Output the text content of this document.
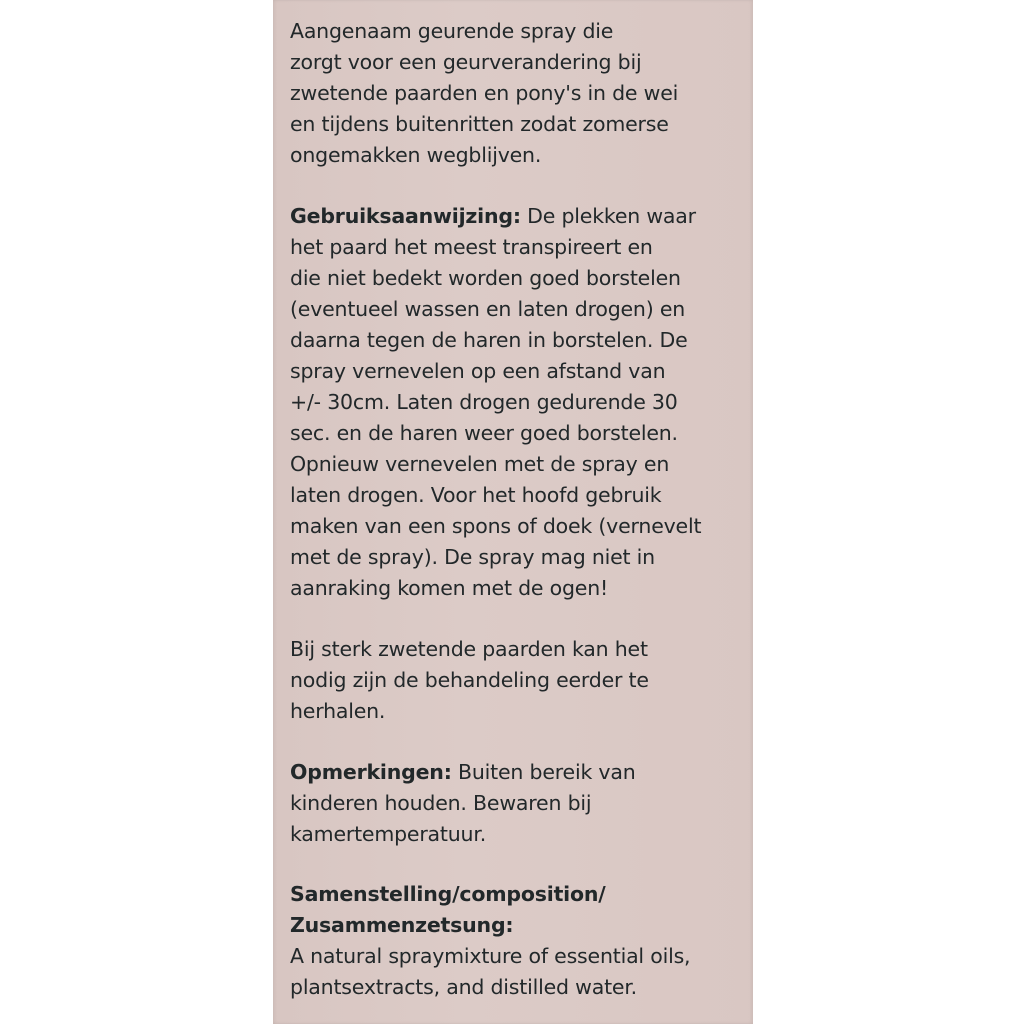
Aangenaam geurende spray die
zorgt voor een geurverandering bij
zwetende paarden en pony's in de wei
en tijdens buitenritten zodat zomerse
ongemakken wegblijven.
Gebruiksaanwijzing: De plekken waar
het paard het meest transpireert en
die niet bedekt worden goed borstelen
(eventueel wassen en laten drogen) en
daarna tegen de haren in borstelen. De
spray vernevelen op een afstand van
+/- 30cm. Laten drogen gedurende 30
sec. en de haren weer goed borstelen.
Opnieuw vernevelen met de spray en
laten drogen. Voor het hoofd gebruik
maken van een spons of doek (vernevelt
met de spray). De spray mag niet in
aanraking komen met de ogen!
Bij sterk zwetende paarden kan het
nodig zijn de behandeling eerder te
herhalen.
Opmerkingen: Buiten bereik van
kinderen houden. Bewaren bij
kamertemperatuur.
Samenstelling/composition/
Zusammenzetsung:
A natural spraymixture of essential oils,
plantsextracts, and distilled water.
